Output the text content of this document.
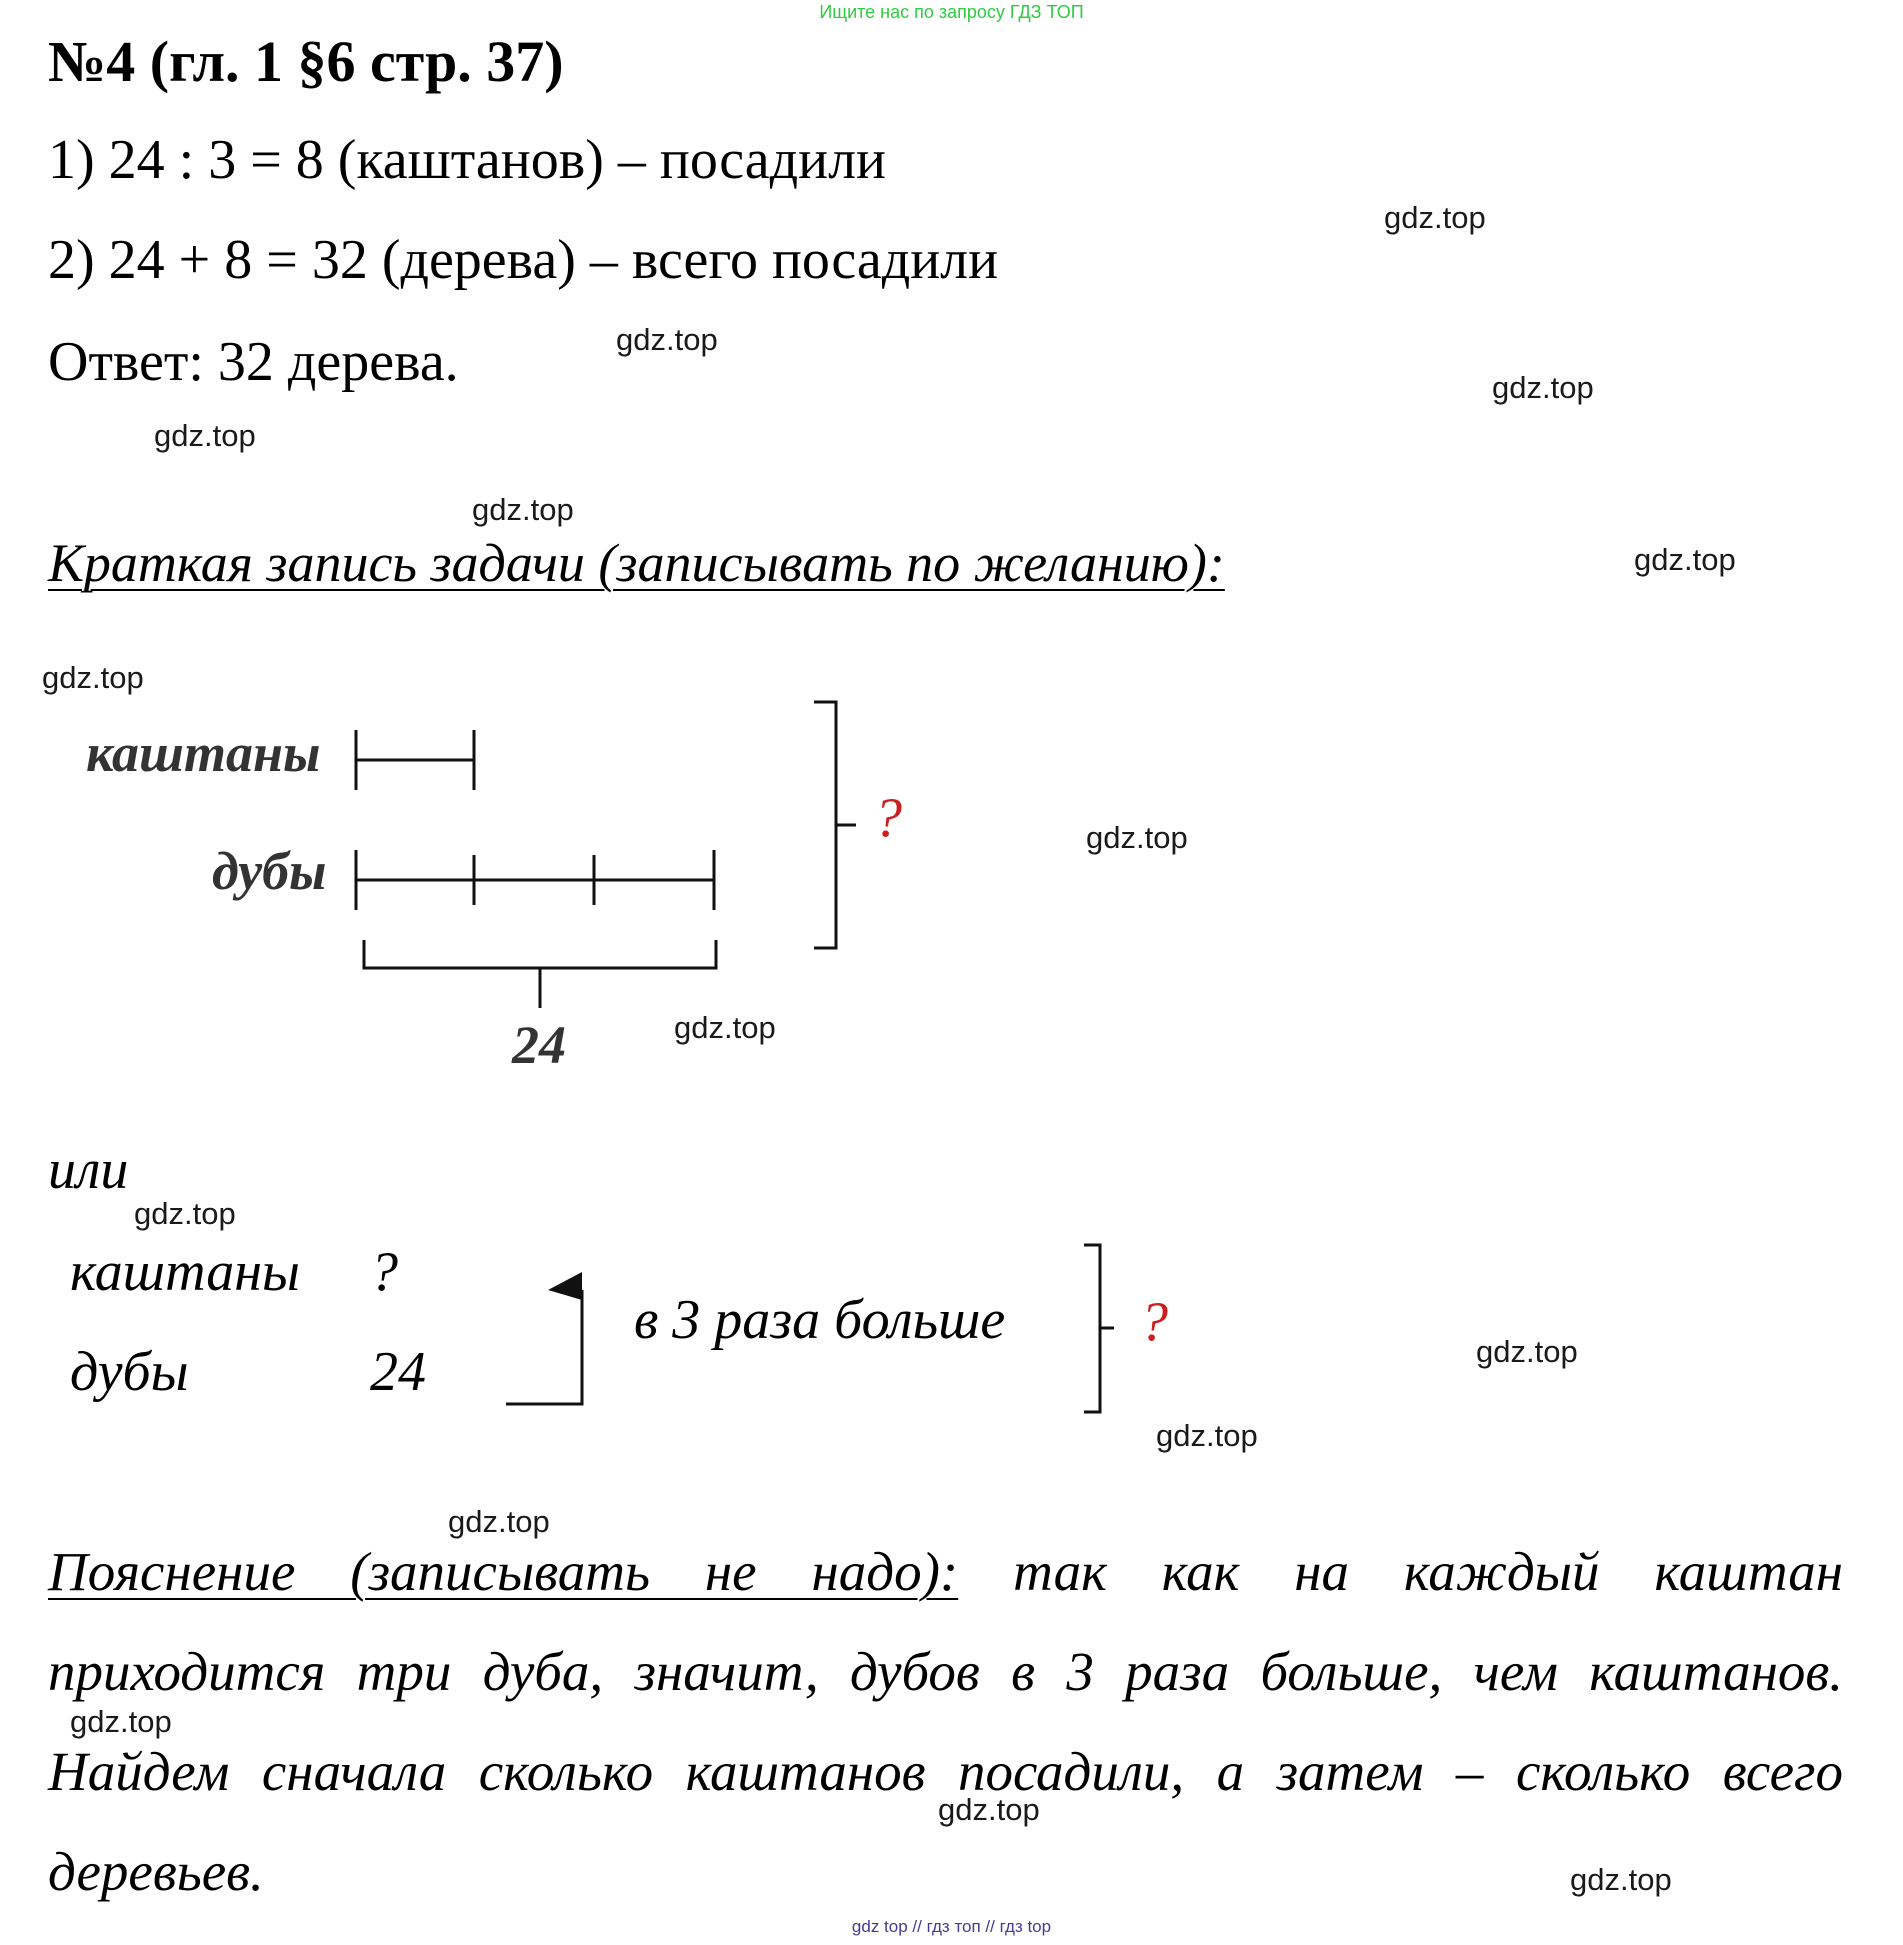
Ищите нас по запросу ГДЗ ТОП
№4 (гл. 1 §6 стр. 37)
1) 24 : 3 = 8 (каштанов) – посадили
2) 24 + 8 = 32 (дерева) – всего посадили
Ответ: 32 дерева.
Краткая запись задачи (записывать по желанию):
каштаны
дубы
24
?
или
каштаны ?
дубы	24
в 3 раза больше ?
Пояснение (записывать не надо): так как на каждый каштан
приходится три дуба, значит, дубов в 3 раза больше, чем каштанов.
Найдем сначала сколько каштанов посадили, а затем – сколько всего
деревьев.
gdz.top
gdz.top
gdz.top
gdz.top
gdz.top
gdz.top
gdz.top
gdz.top
gdz.top
gdz.top
gdz.top
gdz.top
gdz.top
gdz.top
gdz.top
gdz.top
gdz top // гдз топ // гдз top
